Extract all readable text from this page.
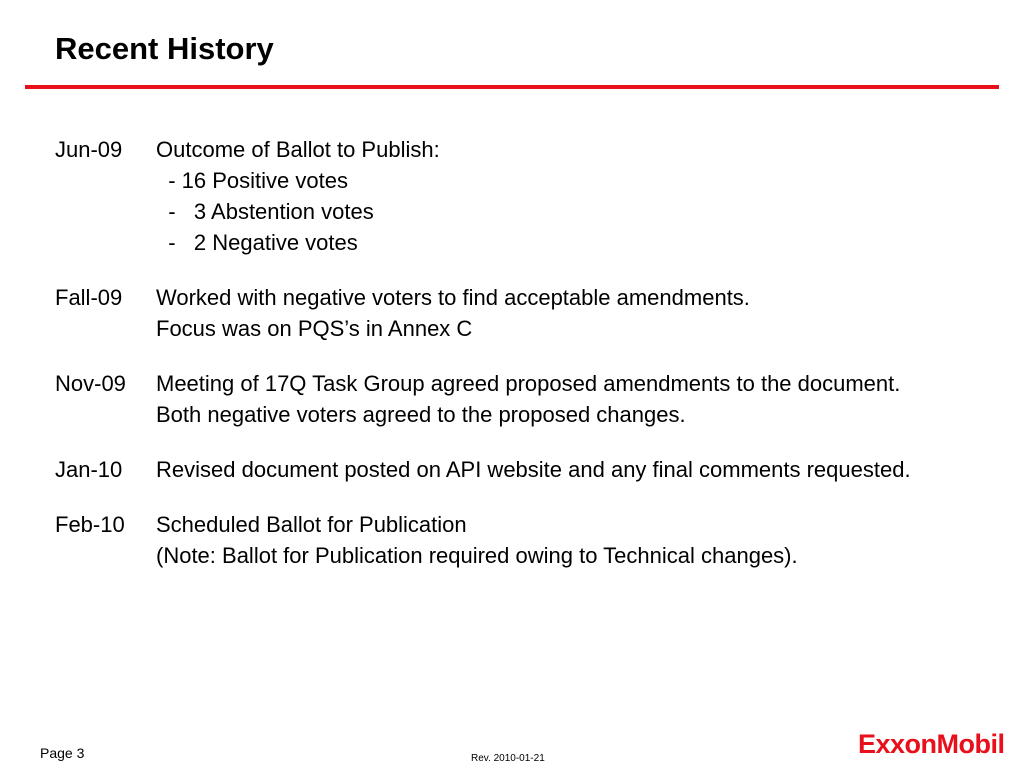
Recent History
Jun-09	Outcome of Ballot to Publish:
- 16 Positive votes
-   3 Abstention votes
-   2 Negative votes
Fall-09	Worked with negative voters to find acceptable amendments.
Focus was on PQS’s in Annex C
Nov-09	Meeting of 17Q Task Group agreed proposed amendments to the document.
Both negative voters agreed to the proposed changes.
Jan-10	Revised document posted on API website and any final comments requested.
Feb-10	Scheduled Ballot for Publication
(Note: Ballot for Publication required owing to Technical changes).
Page 3	Rev. 2010-01-21	ExxonMobil
